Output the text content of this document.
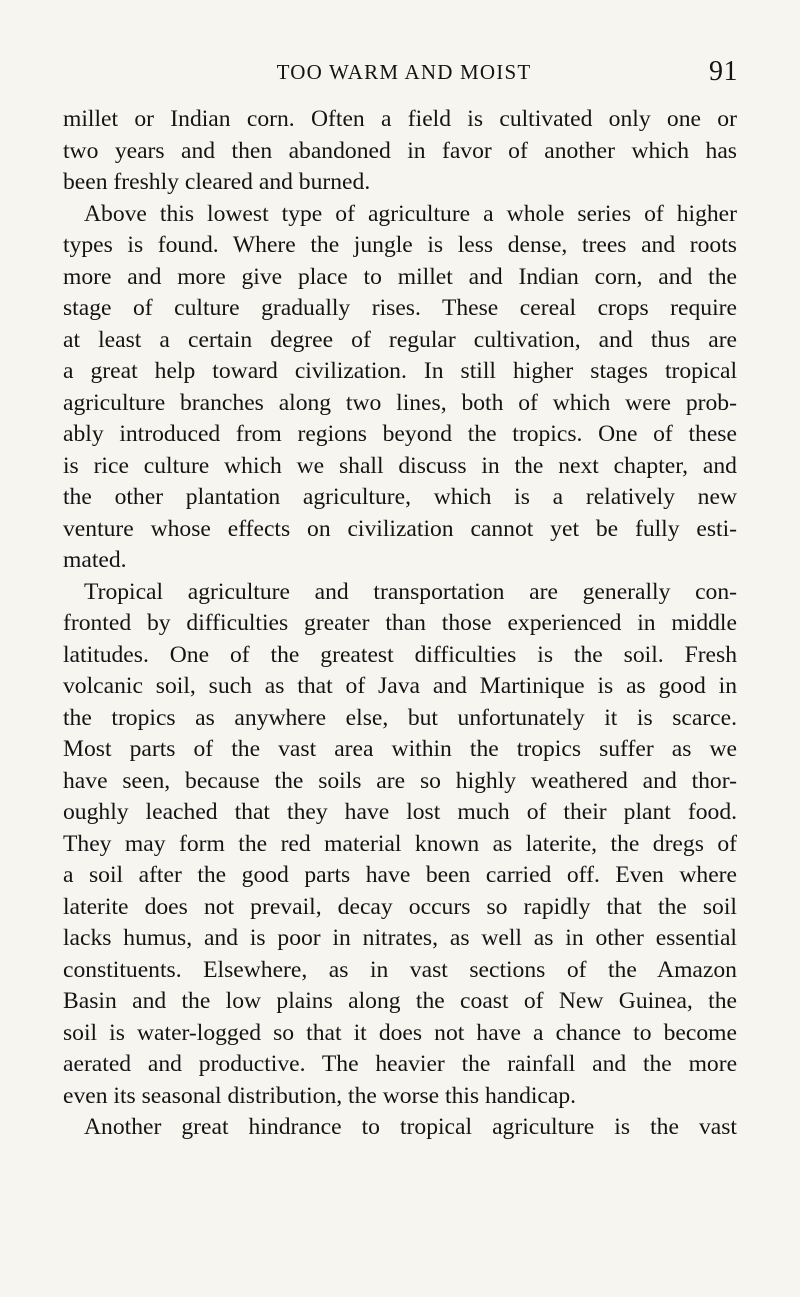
TOO WARM AND MOIST	91

millet or Indian corn. Often a field is cultivated only one or
two years and then abandoned in favor of another which has
been freshly cleared and burned.

Above this lowest type of agriculture a whole series of higher
types is found. Where the jungle is less dense, trees and roots
more and more give place to millet and Indian corn, and the
stage of culture gradually rises. These cereal crops require
at least a certain degree of regular cultivation, and thus are
a great help toward civilization. In still higher stages tropical
agriculture branches along two lines, both of which were prob-
ably introduced from regions beyond the tropics. One of these
is rice culture which we shall discuss in the next chapter, and
the other plantation agriculture, which is a relatively new
venture whose effects on civilization cannot yet be fully esti-
mated.

Tropical agriculture and transportation are generally con-
fronted by difficulties greater than those experienced in middle
latitudes. One of the greatest difficulties is the soil. Fresh
volcanic soil, such as that of Java and Martinique is as good in
the tropics as anywhere else, but unfortunately it is scarce.
Most parts of the vast area within the tropics suffer as we
have seen, because the soils are so highly weathered and thor-
oughly leached that they have lost much of their plant food.
They may form the red material known as laterite, the dregs of
a soil after the good parts have been carried off. Even where
laterite does not prevail, decay occurs so rapidly that the soil
lacks humus, and is poor in nitrates, as well as in other essential
constituents. Elsewhere, as in vast sections of the Amazon
Basin and the low plains along the coast of New Guinea, the
soil is water-logged so that it does not have a chance to become
aerated and productive. The heavier the rainfall and the more
even its seasonal distribution, the worse this handicap.

Another great hindrance to tropical agriculture is the vast
